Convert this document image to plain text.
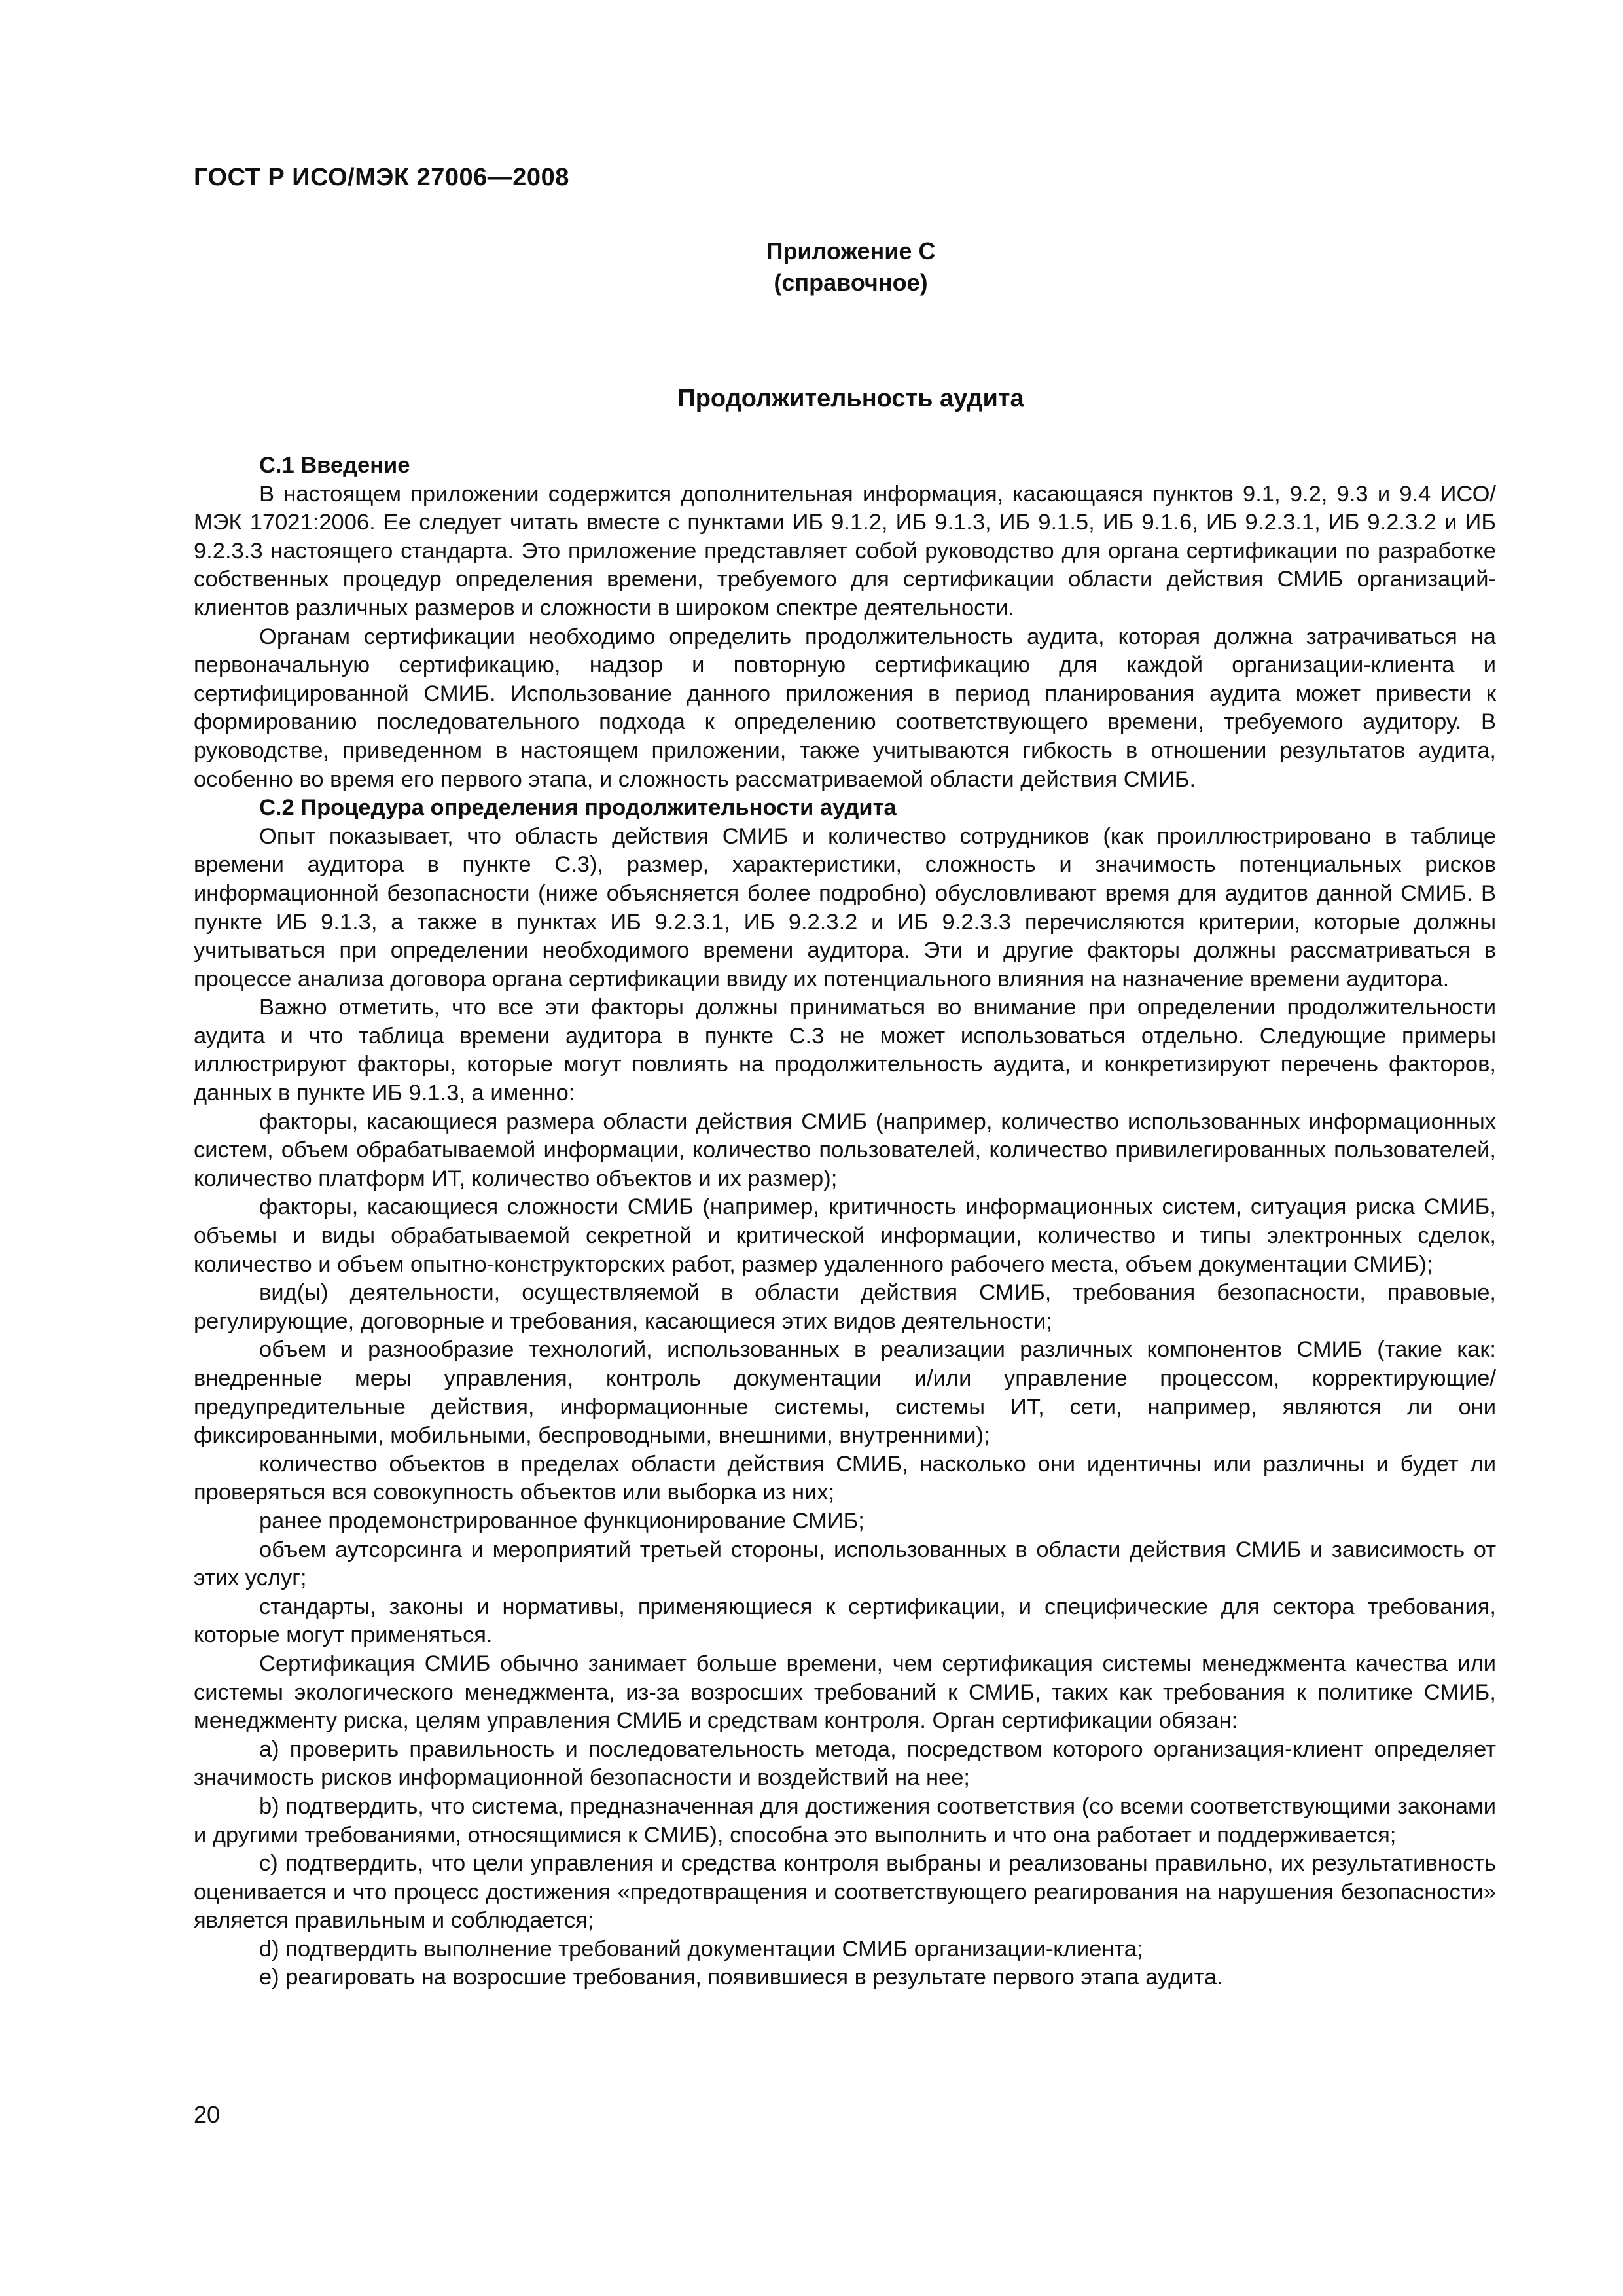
ГОСТ Р ИСО/МЭК 27006—2008
Приложение С
(справочное)
Продолжительность аудита
С.1 Введение

В настоящем приложении содержится дополнительная информация, касающаяся пунктов 9.1, 9.2, 9.3 и 9.4 ИСО/МЭК 17021:2006. Ее следует читать вместе с пунктами ИБ 9.1.2, ИБ 9.1.3, ИБ 9.1.5, ИБ 9.1.6, ИБ 9.2.3.1, ИБ 9.2.3.2 и ИБ 9.2.3.3 настоящего стандарта. Это приложение представляет собой руководство для органа сертификации по разработке собственных процедур определения времени, требуемого для сертификации области действия СМИБ организаций-клиентов различных размеров и сложности в широком спектре деятельности.

Органам сертификации необходимо определить продолжительность аудита, которая должна затрачиваться на первоначальную сертификацию, надзор и повторную сертификацию для каждой организации-клиента и сертифицированной СМИБ. Использование данного приложения в период планирования аудита может привести к формированию последовательного подхода к определению соответствующего времени, требуемого аудитору. В руководстве, приведенном в настоящем приложении, также учитываются гибкость в отношении результатов аудита, особенно во время его первого этапа, и сложность рассматриваемой области действия СМИБ.

С.2 Процедура определения продолжительности аудита

Опыт показывает, что область действия СМИБ и количество сотрудников (как проиллюстрировано в таблице времени аудитора в пункте С.3), размер, характеристики, сложность и значимость потенциальных рисков информационной безопасности (ниже объясняется более подробно) обусловливают время для аудитов данной СМИБ. В пункте ИБ 9.1.3, а также в пунктах ИБ 9.2.3.1, ИБ 9.2.3.2 и ИБ 9.2.3.3 перечисляются критерии, которые должны учитываться при определении необходимого времени аудитора. Эти и другие факторы должны рассматриваться в процессе анализа договора органа сертификации ввиду их потенциального влияния на назначение времени аудитора.

Важно отметить, что все эти факторы должны приниматься во внимание при определении продолжительности аудита и что таблица времени аудитора в пункте С.3 не может использоваться отдельно. Следующие примеры иллюстрируют факторы, которые могут повлиять на продолжительность аудита, и конкретизируют перечень факторов, данных в пункте ИБ 9.1.3, а именно:

факторы, касающиеся размера области действия СМИБ (например, количество использованных информационных систем, объем обрабатываемой информации, количество пользователей, количество привилегированных пользователей, количество платформ ИТ, количество объектов и их размер);

факторы, касающиеся сложности СМИБ (например, критичность информационных систем, ситуация риска СМИБ, объемы и виды обрабатываемой секретной и критической информации, количество и типы электронных сделок, количество и объем опытно-конструкторских работ, размер удаленного рабочего места, объем документации СМИБ);

вид(ы) деятельности, осуществляемой в области действия СМИБ, требования безопасности, правовые, регулирующие, договорные и требования, касающиеся этих видов деятельности;

объем и разнообразие технологий, использованных в реализации различных компонентов СМИБ (такие как: внедренные меры управления, контроль документации и/или управление процессом, корректирующие/предупредительные действия, информационные системы, системы ИТ, сети, например, являются ли они фиксированными, мобильными, беспроводными, внешними, внутренними);

количество объектов в пределах области действия СМИБ, насколько они идентичны или различны и будет ли проверяться вся совокупность объектов или выборка из них;

ранее продемонстрированное функционирование СМИБ;

объем аутсорсинга и мероприятий третьей стороны, использованных в области действия СМИБ и зависимость от этих услуг;

стандарты, законы и нормативы, применяющиеся к сертификации, и специфические для сектора требования, которые могут применяться.

Сертификация СМИБ обычно занимает больше времени, чем сертификация системы менеджмента качества или системы экологического менеджмента, из-за возросших требований к СМИБ, таких как требования к политике СМИБ, менеджменту риска, целям управления СМИБ и средствам контроля. Орган сертификации обязан:

а) проверить правильность и последовательность метода, посредством которого организация-клиент определяет значимость рисков информационной безопасности и воздействий на нее;

b) подтвердить, что система, предназначенная для достижения соответствия (со всеми соответствующими законами и другими требованиями, относящимися к СМИБ), способна это выполнить и что она работает и поддерживается;

с) подтвердить, что цели управления и средства контроля выбраны и реализованы правильно, их результативность оценивается и что процесс достижения «предотвращения и соответствующего реагирования на нарушения безопасности» является правильным и соблюдается;

d) подтвердить выполнение требований документации СМИБ организации-клиента;

е) реагировать на возросшие требования, появившиеся в результате первого этапа аудита.

20
